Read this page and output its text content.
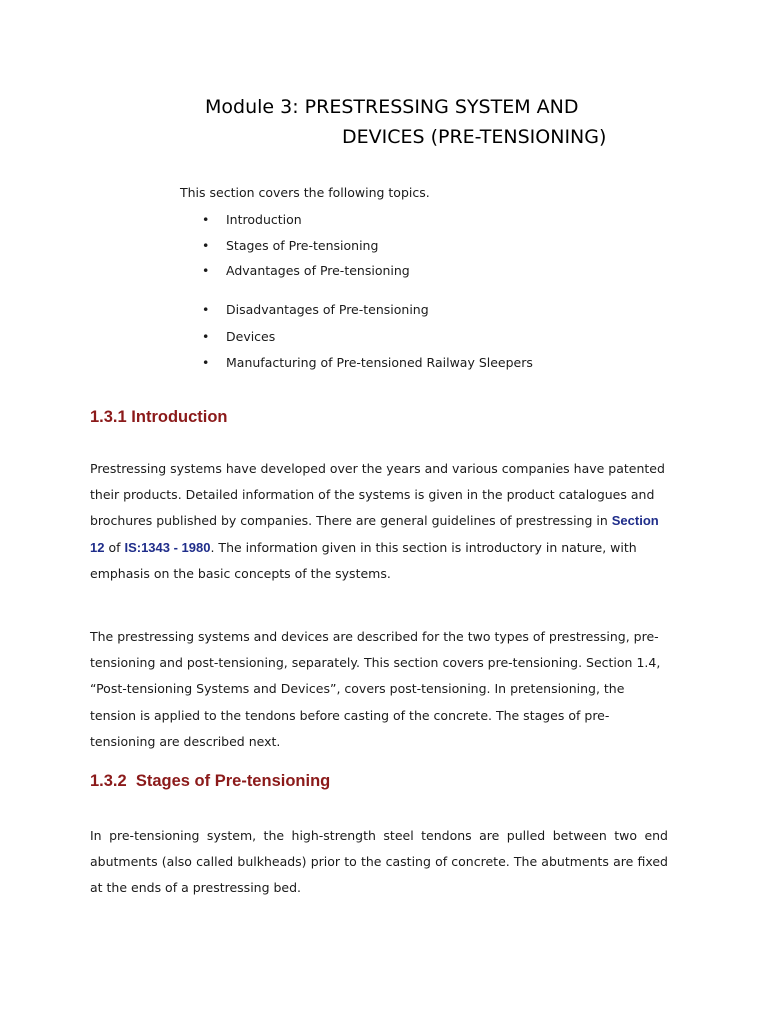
Module 3: PRESTRESSING SYSTEM AND
DEVICES (PRE-TENSIONING)

This section covers the following topics.

• Introduction
• Stages of Pre-tensioning
• Advantages of Pre-tensioning
• Disadvantages of Pre-tensioning
• Devices
• Manufacturing of Pre-tensioned Railway Sleepers
1.3.1 Introduction

Prestressing systems have developed over the years and various companies have patented their products. Detailed information of the systems is given in the product catalogues and brochures published by companies. There are general guidelines of prestressing in Section 12 of IS:1343 - 1980. The information given in this section is introductory in nature, with emphasis on the basic concepts of the systems.

The prestressing systems and devices are described for the two types of prestressing, pre-tensioning and post-tensioning, separately. This section covers pre-tensioning. Section 1.4, “Post-tensioning Systems and Devices”, covers post-tensioning. In pretensioning, the tension is applied to the tendons before casting of the concrete. The stages of pre-tensioning are described next.

1.3.2  Stages of Pre-tensioning

In pre-tensioning system, the high-strength steel tendons are pulled between two end abutments (also called bulkheads) prior to the casting of concrete. The abutments are fixed at the ends of a prestressing bed.
